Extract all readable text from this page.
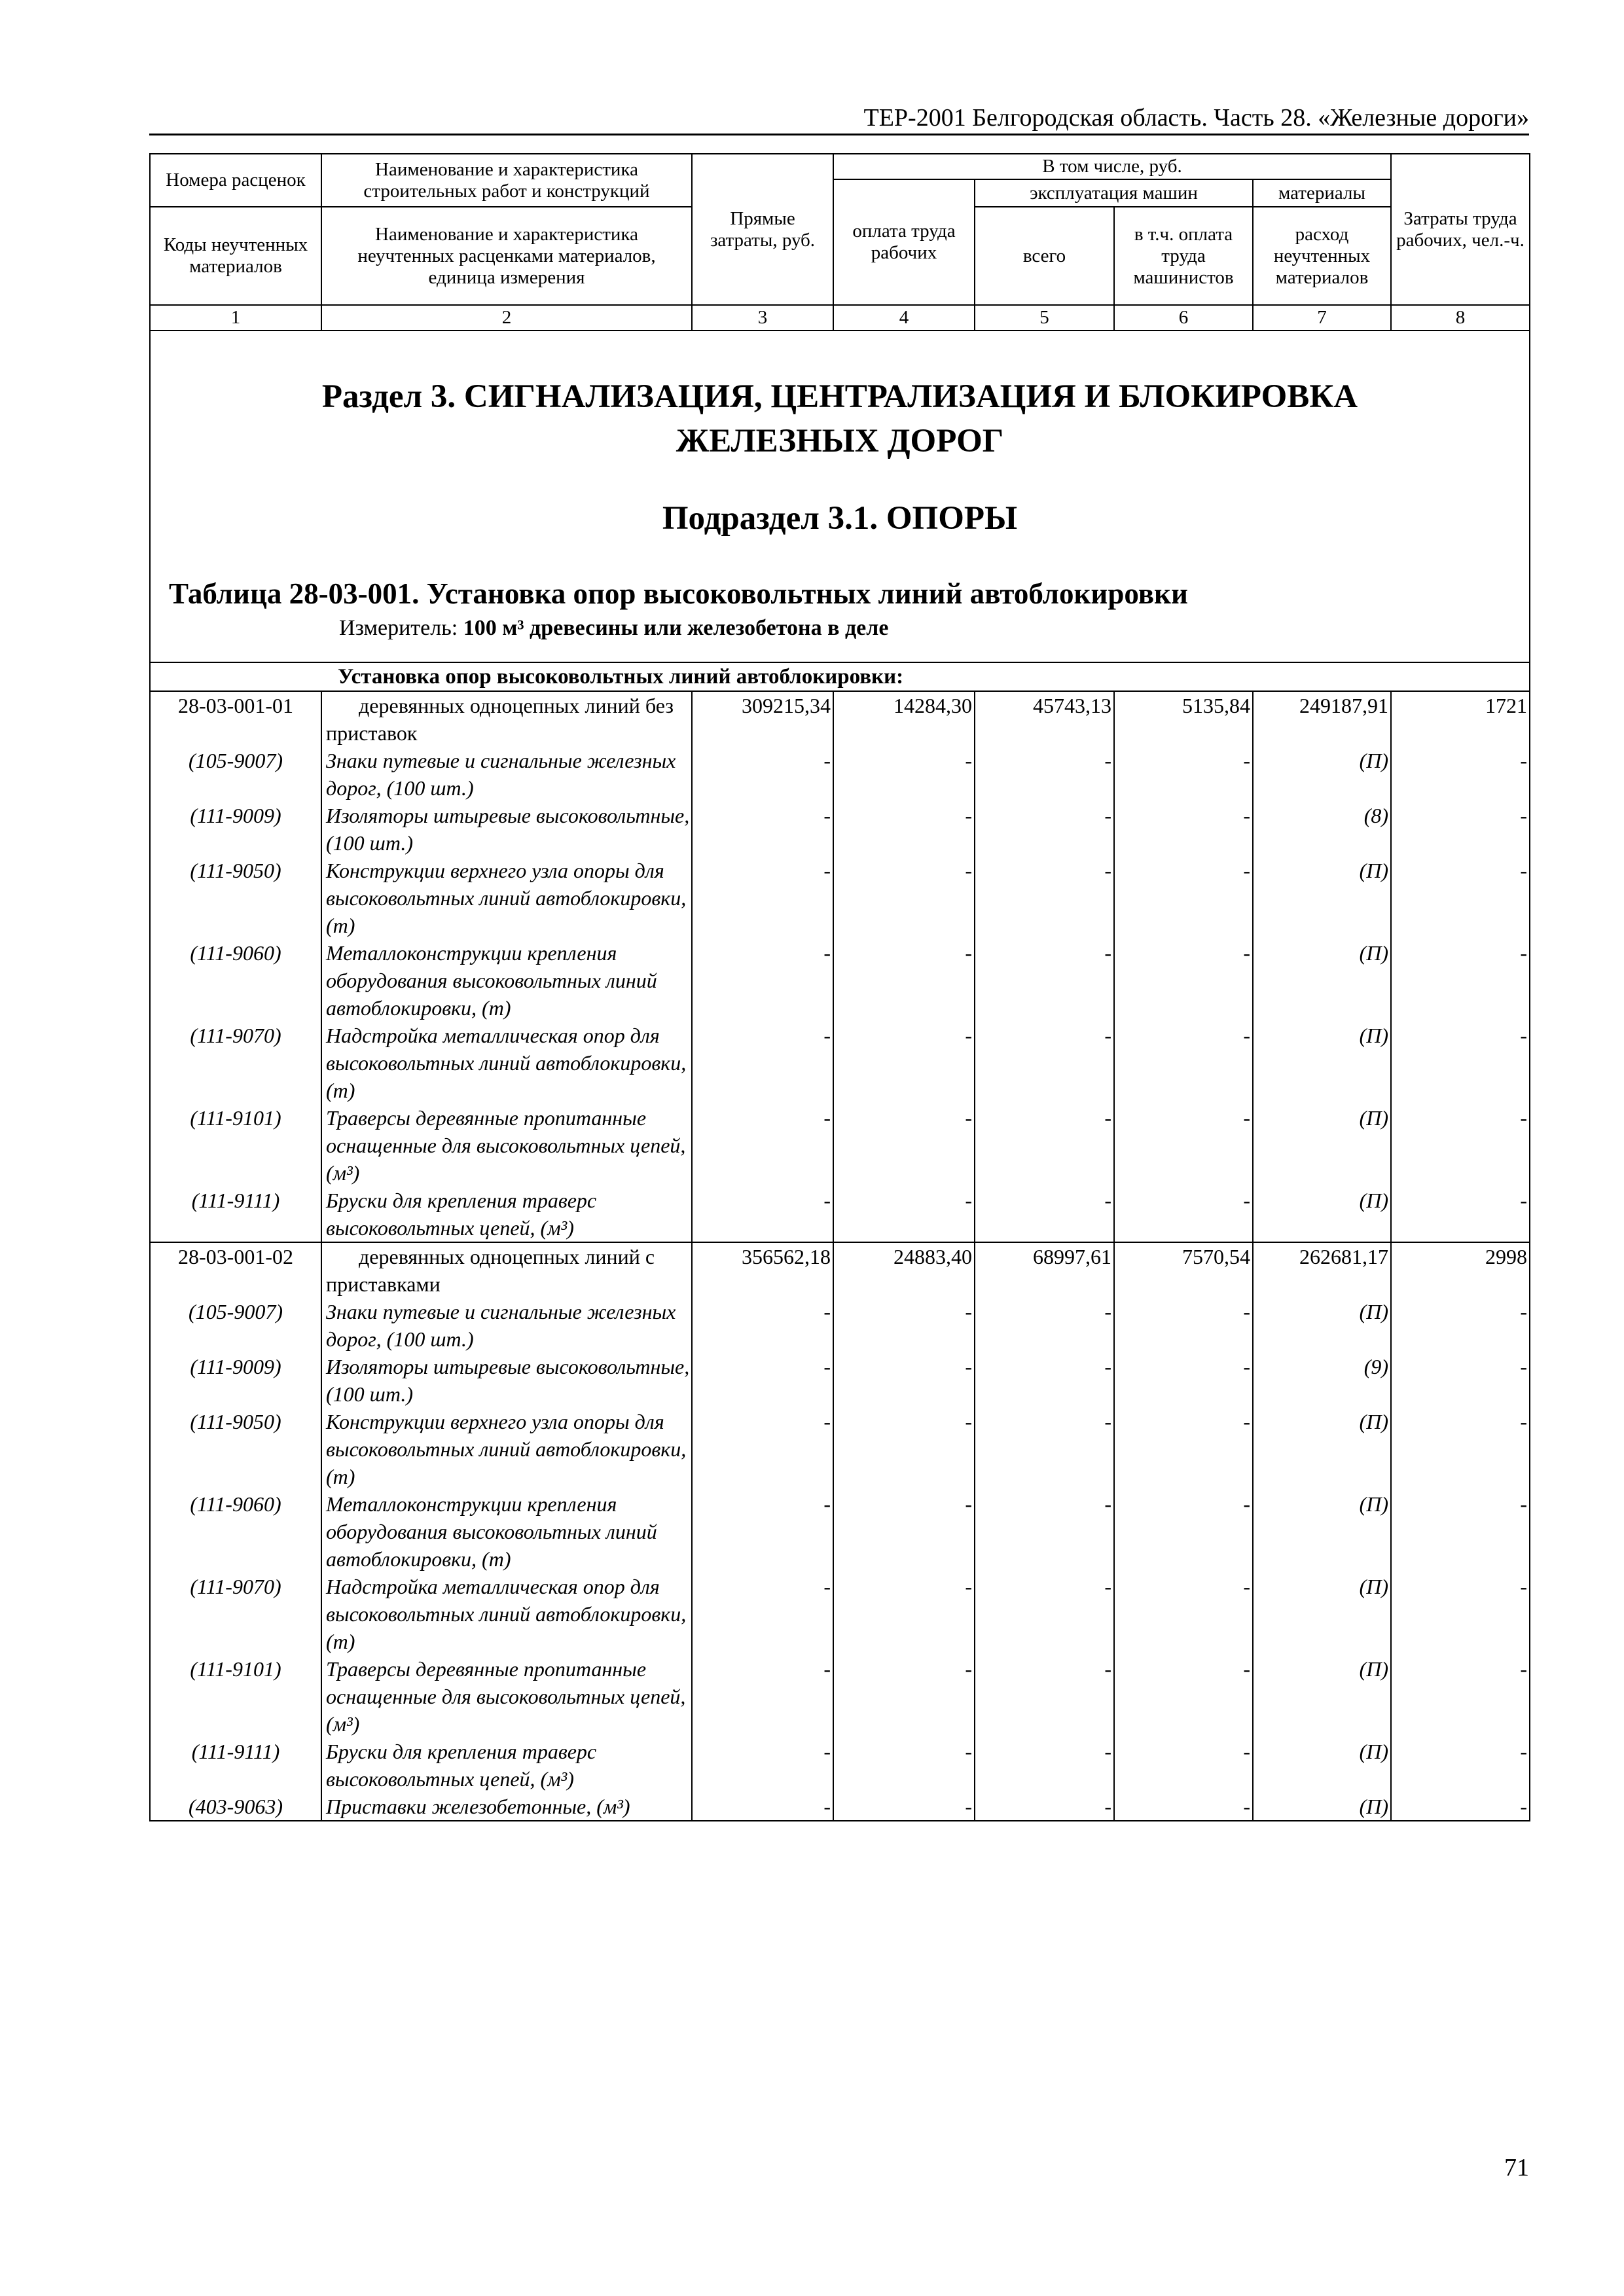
ТЕР-2001 Белгородская область. Часть 28. «Железные дороги»
Номера расценок	Наименование и характеристика строительных работ и конструкций	Прямые затраты, руб.	В том числе, руб.				Затраты труда рабочих, чел.-ч.
			оплата труда рабочих	эксплуатация машин		материалы	
Коды неучтенных материалов	Наименование и характеристика неучтенных расценками материалов, единица измерения			всего	в т.ч. оплата труда машинистов	расход неучтенных материалов	

1	2	3	4	5	6	7	8

Раздел 3. СИГНАЛИЗАЦИЯ, ЦЕНТРАЛИЗАЦИЯ И БЛОКИРОВКА
ЖЕЛЕЗНЫХ ДОРОГ
Подраздел 3.1. ОПОРЫ
Таблица 28-03-001. Установка опор высоковольтных линий автоблокировки
Измеритель: 100 м³ древесины или железобетона в деле							

Установка опор высоковольтных линий автоблокировки:							
28-03-001-01	деревянных одноцепных линий без приставок	309215,34	14284,30	45743,13	5135,84	249187,91	1721
(105-9007)	Знаки путевые и сигнальные железных дорог, (100 шт.)	-	-	-	-	(П)	-
(111-9009)	Изоляторы штыревые высоковольтные, (100 шт.)	-	-	-	-	(8)	-
(111-9050)	Конструкции верхнего узла опоры для высоковольтных линий автоблокировки, (т)	-	-	-	-	(П)	-
(111-9060)	Металлоконструкции крепления оборудования высоковольтных линий автоблокировки, (т)	-	-	-	-	(П)	-
(111-9070)	Надстройка металлическая опор для высоковольтных линий автоблокировки, (т)	-	-	-	-	(П)	-
(111-9101)	Траверсы деревянные пропитанные оснащенные для высоковольтных цепей, (м³)	-	-	-	-	(П)	-
(111-9111)	Бруски для крепления траверс высоковольтных цепей, (м³)	-	-	-	-	(П)	-
28-03-001-02	деревянных одноцепных линий с приставками	356562,18	24883,40	68997,61	7570,54	262681,17	2998
(105-9007)	Знаки путевые и сигнальные железных дорог, (100 шт.)	-	-	-	-	(П)	-
(111-9009)	Изоляторы штыревые высоковольтные, (100 шт.)	-	-	-	-	(9)	-
(111-9050)	Конструкции верхнего узла опоры для высоковольтных линий автоблокировки, (т)	-	-	-	-	(П)	-
(111-9060)	Металлоконструкции крепления оборудования высоковольтных линий автоблокировки, (т)	-	-	-	-	(П)	-
(111-9070)	Надстройка металлическая опор для высоковольтных линий автоблокировки, (т)	-	-	-	-	(П)	-
(111-9101)	Траверсы деревянные пропитанные оснащенные для высоковольтных цепей, (м³)	-	-	-	-	(П)	-
(111-9111)	Бруски для крепления траверс высоковольтных цепей, (м³)	-	-	-	-	(П)	-
(403-9063)	Приставки железобетонные, (м³)	-	-	-	-	(П)	-
71
